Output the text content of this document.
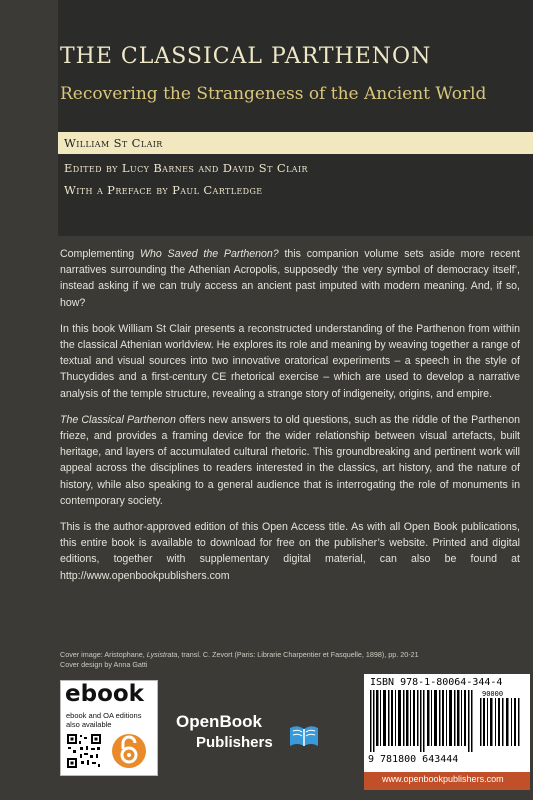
THE CLASSICAL PARTHENON
Recovering the Strangeness of the Ancient World
William St Clair
Edited by Lucy Barnes and David St Clair
With a Preface by Paul Cartledge

Complementing Who Saved the Parthenon? this companion volume sets aside more recent narratives surrounding the Athenian Acropolis, supposedly ‘the very symbol of democracy itself’, instead asking if we can truly access an ancient past imputed with modern meaning. And, if so, how?

In this book William St Clair presents a reconstructed understanding of the Parthenon from within the classical Athenian worldview. He explores its role and meaning by weaving together a range of textual and visual sources into two innovative oratorical experiments – a speech in the style of Thucydides and a first-century CE rhetorical exercise – which are used to develop a narrative analysis of the temple structure, revealing a strange story of indigeneity, origins, and empire.

The Classical Parthenon offers new answers to old questions, such as the riddle of the Parthenon frieze, and provides a framing device for the wider relationship between visual artefacts, built heritage, and layers of accumulated cultural rhetoric. This groundbreaking and pertinent work will appeal across the disciplines to readers interested in the classics, art history, and the nature of history, while also speaking to a general audience that is interrogating the role of monuments in contemporary society.

This is the author-approved edition of this Open Access title. As with all Open Book publications, this entire book is available to download for free on the publisher’s website. Printed and digital editions, together with supplementary digital material, can also be found at http://www.openbookpublishers.com

Cover image: Aristophane, Lysistrata, transl. C. Zevort (Paris: Librarie Charpentier et Fasquelle, 1898), pp. 20-21
Cover design by Anna Gatti
ebook
ebook and OA editions also available	OpenBook
Publishers
ISBN 978-1-80064-344-4
90000
9 781800 643444
www.openbookpublishers.com
